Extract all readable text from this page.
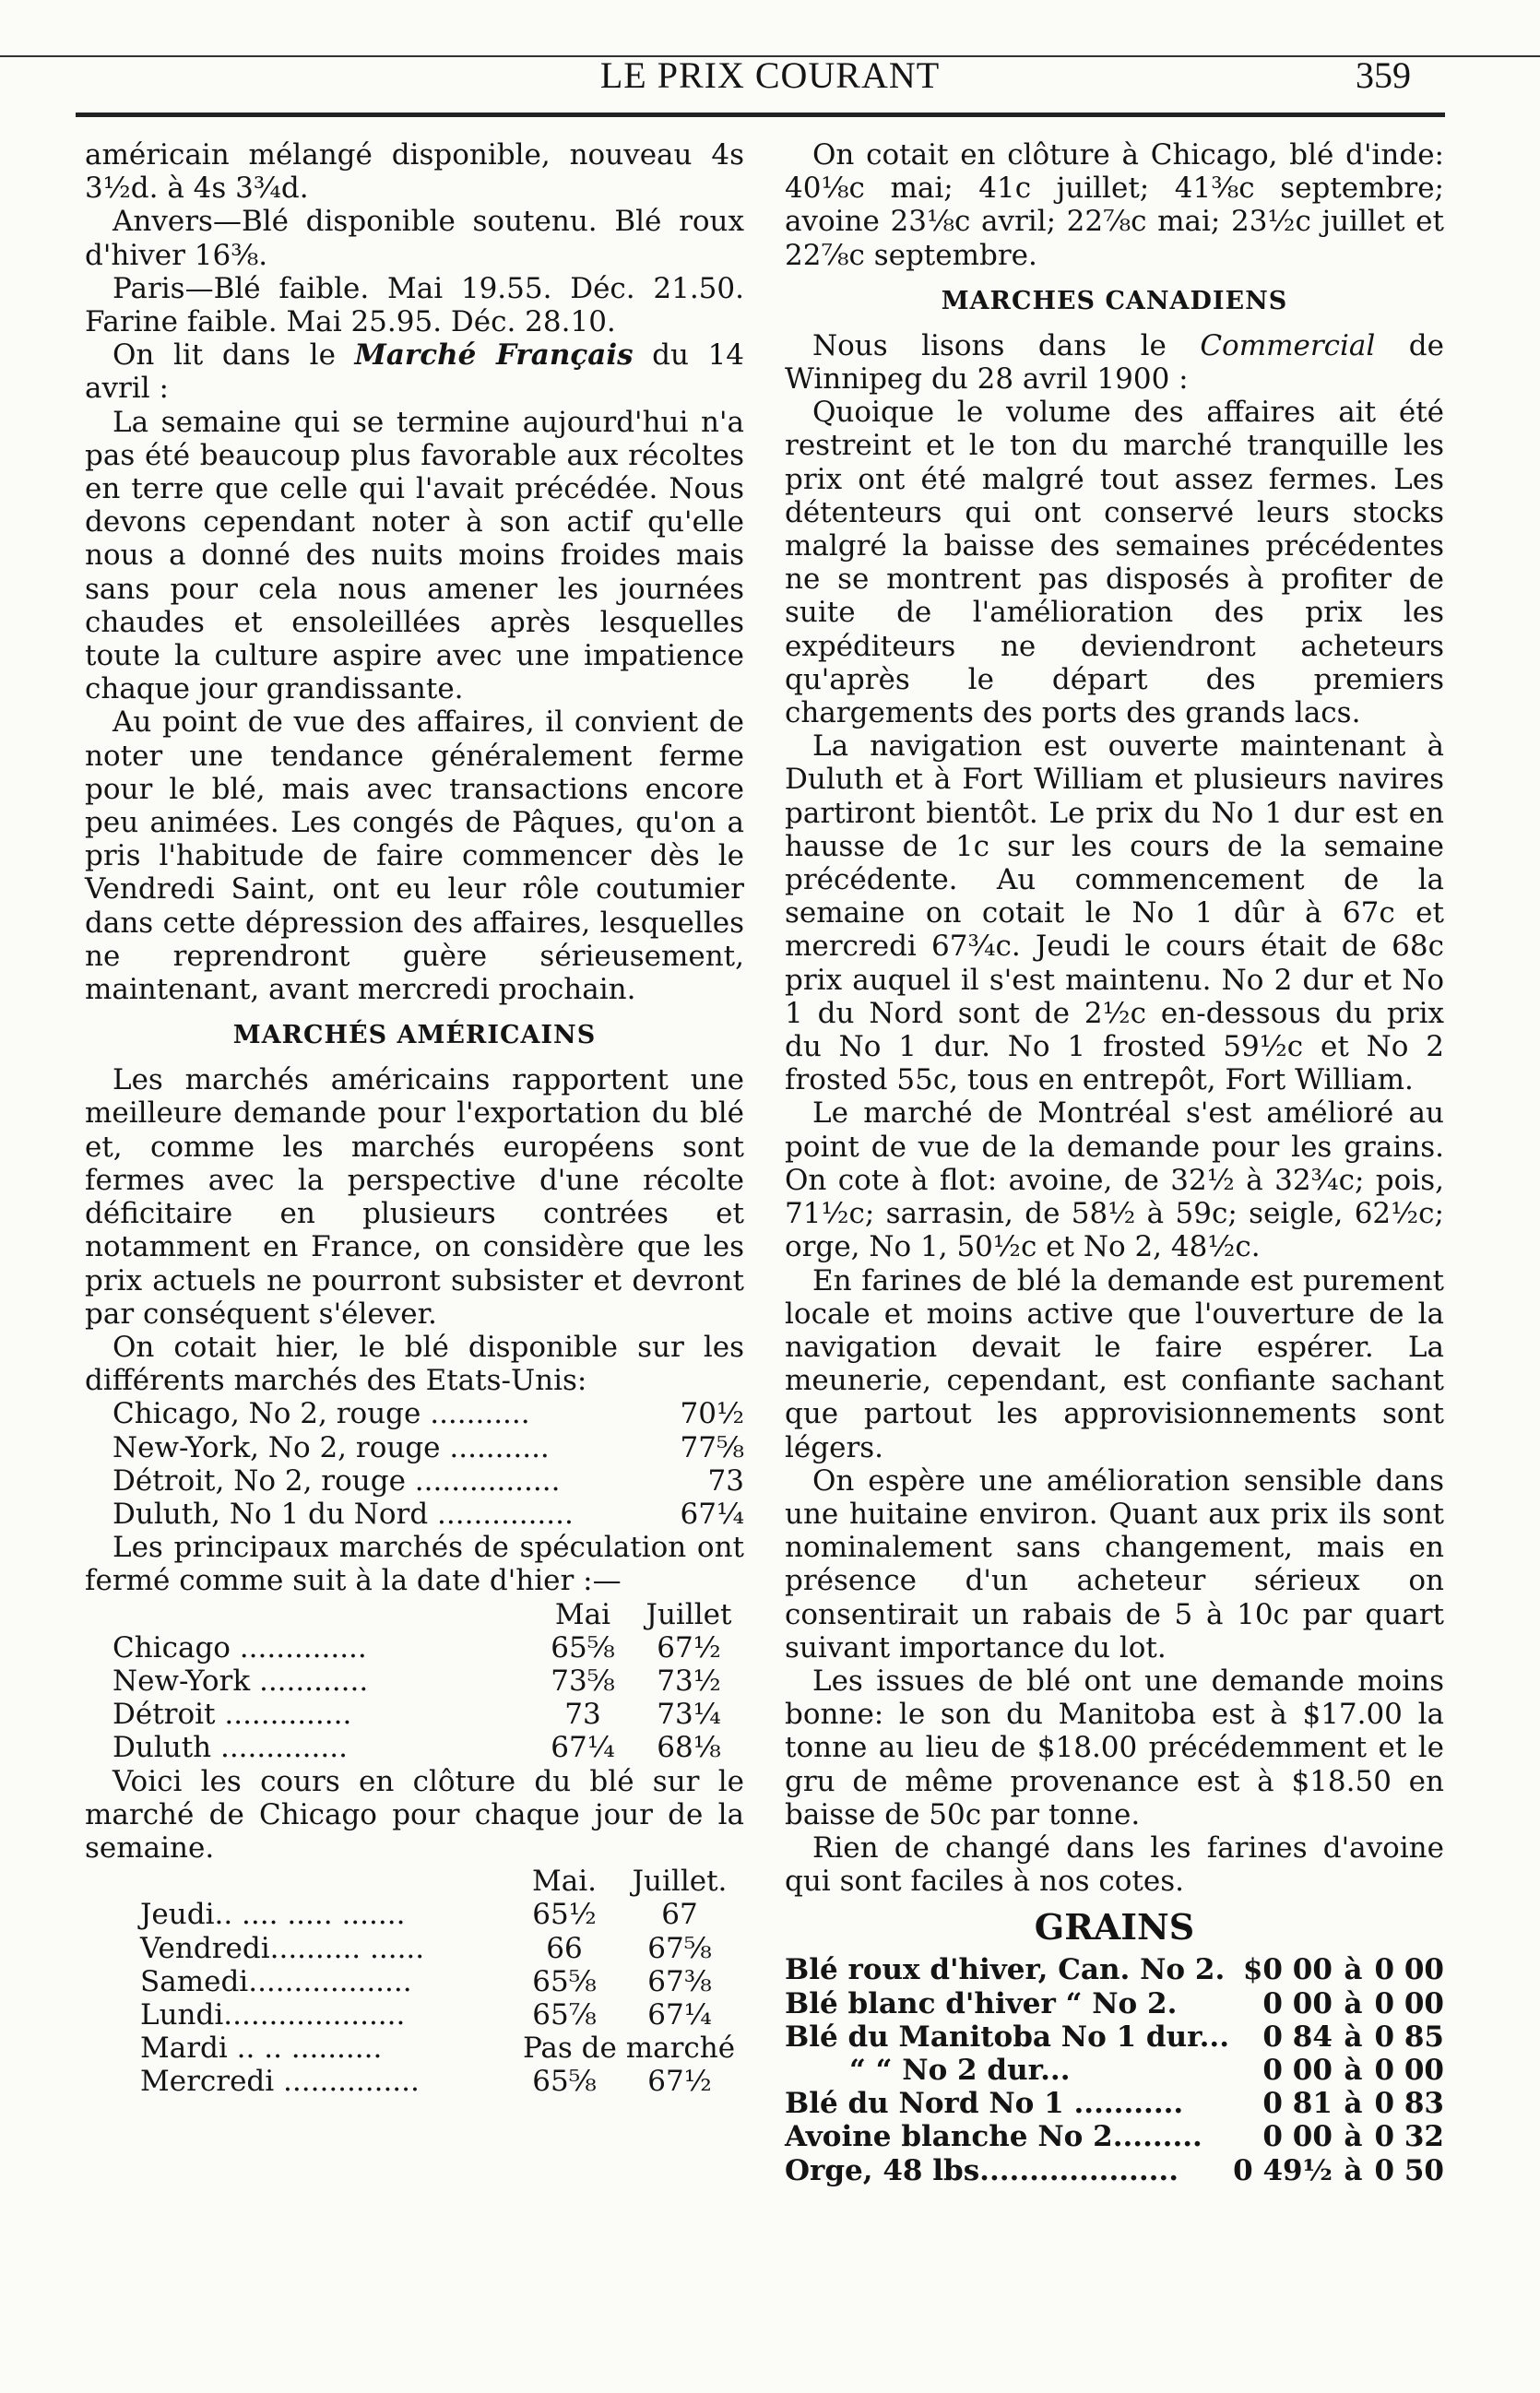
LE PRIX COURANT	359

américain mélangé disponible, nouveau 4s 3½d. à 4s 3¾d.

Anvers—Blé disponible soutenu. Blé roux d'hiver 16⅜.

Paris—Blé faible. Mai 19.55. Déc. 21.50. Farine faible. Mai 25.95. Déc. 28.10.

On lit dans le Marché Français du 14 avril :

La semaine qui se termine aujourd'hui n'a pas été beaucoup plus favorable aux récoltes en terre que celle qui l'avait précédée. Nous devons cependant noter à son actif qu'elle nous a donné des nuits moins froides mais sans pour cela nous amener les journées chaudes et ensoleillées après lesquelles toute la culture aspire avec une impatience chaque jour grandissante.

Au point de vue des affaires, il convient de noter une tendance généralement ferme pour le blé, mais avec transactions encore peu animées. Les congés de Pâques, qu'on a pris l'habitude de faire commencer dès le Vendredi Saint, ont eu leur rôle coutumier dans cette dépression des affaires, lesquelles ne reprendront guère sérieusement, maintenant, avant mercredi prochain.

MARCHÉS AMÉRICAINS

Les marchés américains rapportent une meilleure demande pour l'exportation du blé et, comme les marchés européens sont fermes avec la perspective d'une récolte déficitaire en plusieurs contrées et notamment en France, on considère que les prix actuels ne pourront subsister et devront par conséquent s'élever.

On cotait hier, le blé disponible sur les différents marchés des Etats-Unis:

Chicago, No 2, rouge ...........	70½
New-York, No 2, rouge ...........	77⅝
Détroit, No 2, rouge ................	73
Duluth, No 1 du Nord ...............	67¼

Les principaux marchés de spéculation ont fermé comme suit à la date d'hier :—

	Mai	Juillet
Chicago ..............	65⅝	67½
New-York ............	73⅝	73½
Détroit ..............	73	73¼
Duluth ..............	67¼	68⅛

Voici les cours en clôture du blé sur le marché de Chicago pour chaque jour de la semaine.

	Mai.	Juillet.
Jeudi.. .... ..... .......	65½	67
Vendredi.......... ......	66	67⅝
Samedi..................	65⅝	67⅜
Lundi....................	65⅞	67¼
Mardi .. .. ..........	Pas de marché	
Mercredi ...............	65⅝	67½

On cotait en clôture à Chicago, blé d'inde: 40⅛c mai; 41c juillet; 41⅜c septembre; avoine 23⅛c avril; 22⅞c mai; 23½c juillet et 22⅞c septembre.

MARCHES CANADIENS

Nous lisons dans le Commercial de Winnipeg du 28 avril 1900 :

Quoique le volume des affaires ait été restreint et le ton du marché tranquille les prix ont été malgré tout assez fermes. Les détenteurs qui ont conservé leurs stocks malgré la baisse des semaines précédentes ne se montrent pas disposés à profiter de suite de l'amélioration des prix les expéditeurs ne deviendront acheteurs qu'après le départ des premiers chargements des ports des grands lacs.

La navigation est ouverte maintenant à Duluth et à Fort William et plusieurs navires partiront bientôt. Le prix du No 1 dur est en hausse de 1c sur les cours de la semaine précédente. Au commencement de la semaine on cotait le No 1 dûr à 67c et mercredi 67¾c. Jeudi le cours était de 68c prix auquel il s'est maintenu. No 2 dur et No 1 du Nord sont de 2½c en-dessous du prix du No 1 dur. No 1 frosted 59½c et No 2 frosted 55c, tous en entrepôt, Fort William.

Le marché de Montréal s'est amélioré au point de vue de la demande pour les grains. On cote à flot: avoine, de 32½ à 32¾c; pois, 71½c; sarrasin, de 58½ à 59c; seigle, 62½c; orge, No 1, 50½c et No 2, 48½c.

En farines de blé la demande est purement locale et moins active que l'ouverture de la navigation devait le faire espérer. La meunerie, cependant, est confiante sachant que partout les approvisionnements sont légers.

On espère une amélioration sensible dans une huitaine environ. Quant aux prix ils sont nominalement sans changement, mais en présence d'un acheteur sérieux on consentirait un rabais de 5 à 10c par quart suivant importance du lot.

Les issues de blé ont une demande moins bonne: le son du Manitoba est à $17.00 la tonne au lieu de $18.00 précédemment et le gru de même provenance est à $18.50 en baisse de 50c par tonne.

Rien de changé dans les farines d'avoine qui sont faciles à nos cotes.

GRAINS
Blé roux d'hiver, Can. No 2.	$0 00	à	0 00
Blé blanc d'hiver “ No 2.	0 00	à	0 00
Blé du Manitoba No 1 dur...	0 84	à	0 85
“ “ No 2 dur...	0 00	à	0 00
Blé du Nord No 1 ...........	0 81	à	0 83
Avoine blanche No 2.........	0 00	à	0 32
Orge, 48 lbs....................	0 49½	à	0 50
